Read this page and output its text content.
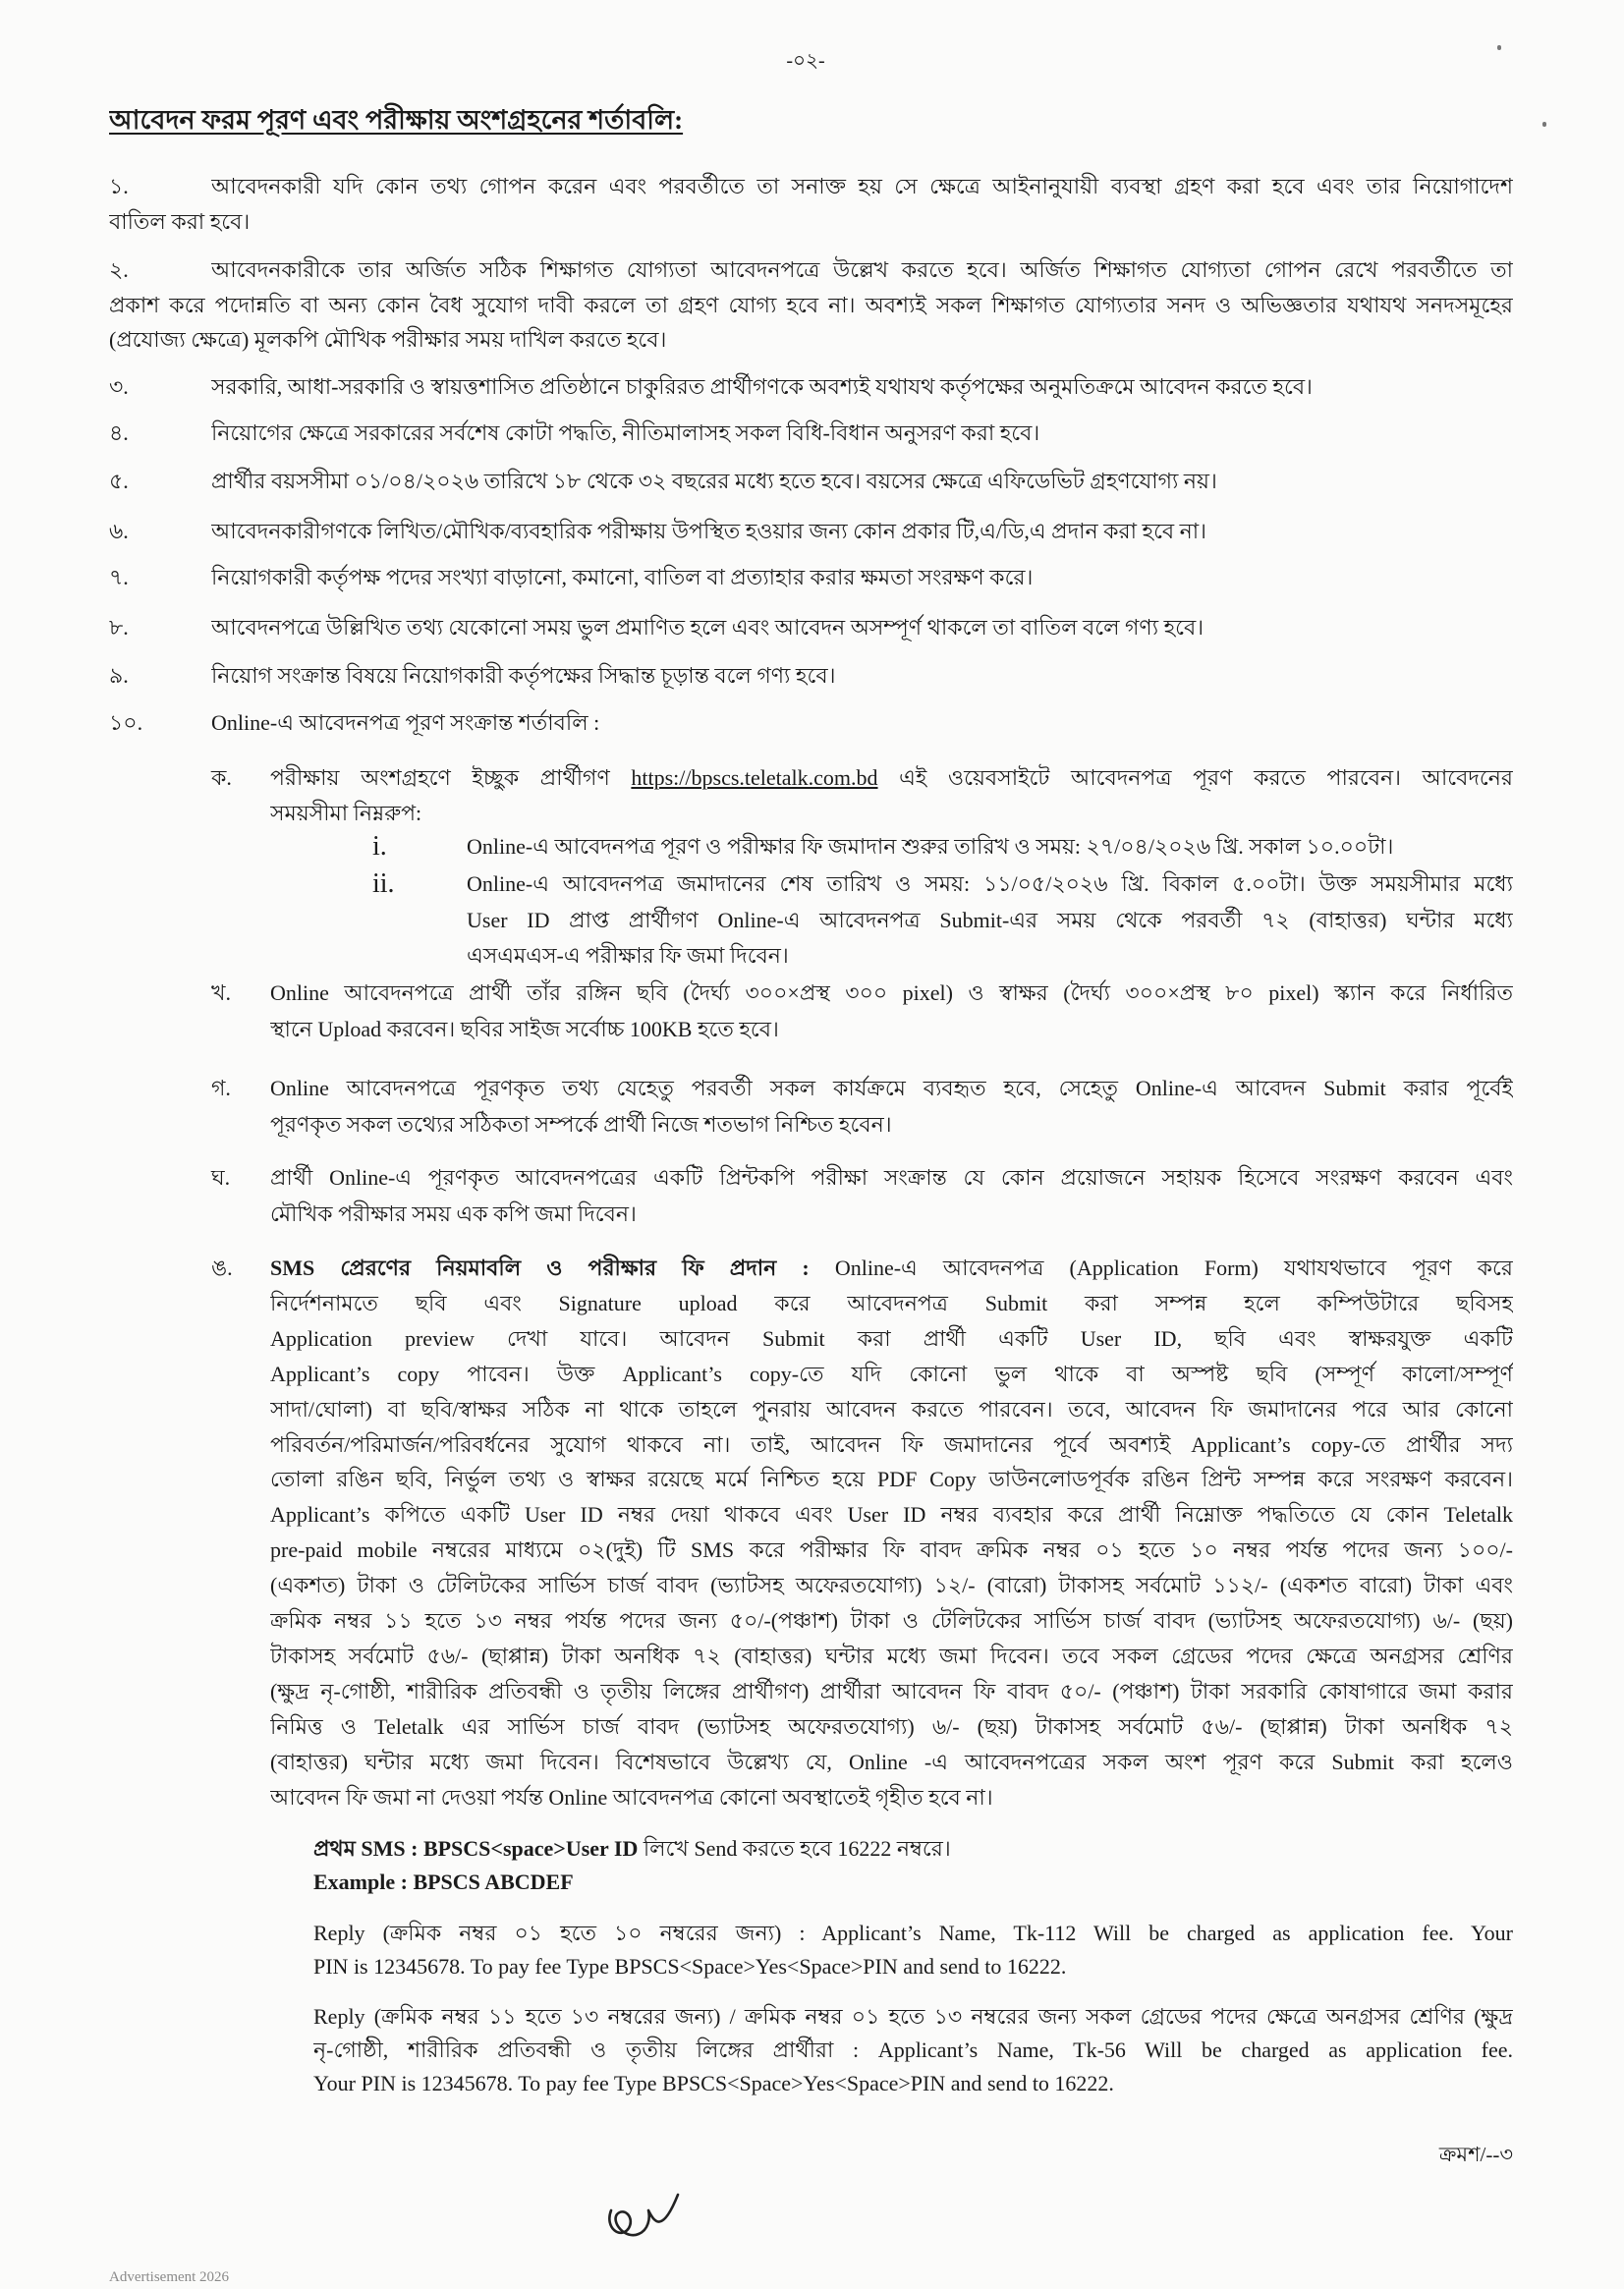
-০২-
আবেদন ফরম পূরণ এবং পরীক্ষায় অংশগ্রহনের শর্তাবলি:
১.	আবেদনকারী যদি কোন তথ্য গোপন করেন এবং পরবর্তীতে তা সনাক্ত হয় সে ক্ষেত্রে আইনানুযায়ী ব্যবস্থা গ্রহণ করা হবে এবং তার নিয়োগাদেশ
বাতিল করা হবে।
২.	আবেদনকারীকে তার অর্জিত সঠিক শিক্ষাগত যোগ্যতা আবেদনপত্রে উল্লেখ করতে হবে। অর্জিত শিক্ষাগত যোগ্যতা গোপন রেখে পরবর্তীতে তা
প্রকাশ করে পদোন্নতি বা অন্য কোন বৈধ সুযোগ দাবী করলে তা গ্রহণ যোগ্য হবে না। অবশ্যই সকল শিক্ষাগত যোগ্যতার সনদ ও অভিজ্ঞতার যথাযথ সনদসমূহের
(প্রযোজ্য ক্ষেত্রে) মূলকপি মৌখিক পরীক্ষার সময় দাখিল করতে হবে।
৩.	সরকারি, আধা-সরকারি ও স্বায়ত্তশাসিত প্রতিষ্ঠানে চাকুরিরত প্রার্থীগণকে অবশ্যই যথাযথ কর্তৃপক্ষের অনুমতিক্রমে আবেদন করতে হবে।
৪.	নিয়োগের ক্ষেত্রে সরকারের সর্বশেষ কোটা পদ্ধতি, নীতিমালাসহ সকল বিধি-বিধান অনুসরণ করা হবে।
৫.	প্রার্থীর বয়সসীমা ০১/০৪/২০২৬ তারিখে ১৮ থেকে ৩২ বছরের মধ্যে হতে হবে। বয়সের ক্ষেত্রে এফিডেভিট গ্রহণযোগ্য নয়।
৬.	আবেদনকারীগণকে লিখিত/মৌখিক/ব্যবহারিক পরীক্ষায় উপস্থিত হওয়ার জন্য কোন প্রকার টি,এ/ডি,এ প্রদান করা হবে না।
৭.	নিয়োগকারী কর্তৃপক্ষ পদের সংখ্যা বাড়ানো, কমানো, বাতিল বা প্রত্যাহার করার ক্ষমতা সংরক্ষণ করে।
৮.	আবেদনপত্রে উল্লিখিত তথ্য যেকোনো সময় ভুল প্রমাণিত হলে এবং আবেদন অসম্পূর্ণ থাকলে তা বাতিল বলে গণ্য হবে।
৯.	নিয়োগ সংক্রান্ত বিষয়ে নিয়োগকারী কর্তৃপক্ষের সিদ্ধান্ত চূড়ান্ত বলে গণ্য হবে।
১০.	Online-এ আবেদনপত্র পূরণ সংক্রান্ত শর্তাবলি :
ক. পরীক্ষায় অংশগ্রহণে ইচ্ছুক প্রার্থীগণ https://bpscs.teletalk.com.bd এই ওয়েবসাইটে আবেদনপত্র পূরণ করতে পারবেন। আবেদনের
সময়সীমা নিম্নরুপ:
i.	Online-এ আবেদনপত্র পূরণ ও পরীক্ষার ফি জমাদান শুরুর তারিখ ও সময়: ২৭/০৪/২০২৬ খ্রি. সকাল ১০.০০টা।
ii.	Online-এ আবেদনপত্র জমাদানের শেষ তারিখ ও সময়: ১১/০৫/২০২৬ খ্রি. বিকাল ৫.০০টা। উক্ত সময়সীমার মধ্যে
User ID প্রাপ্ত প্রার্থীগণ Online-এ আবেদনপত্র Submit-এর সময় থেকে পরবর্তী ৭২ (বাহাত্তর) ঘন্টার মধ্যে
এসএমএস-এ পরীক্ষার ফি জমা দিবেন।
খ. Online আবেদনপত্রে প্রার্থী তাঁর রঙ্গিন ছবি (দৈর্ঘ্য ৩০০×প্রস্থ ৩০০ pixel) ও স্বাক্ষর (দৈর্ঘ্য ৩০০×প্রস্থ ৮০ pixel) স্ক্যান করে নির্ধারিত
স্থানে Upload করবেন। ছবির সাইজ সর্বোচ্চ 100KB হতে হবে।
গ. Online আবেদনপত্রে পূরণকৃত তথ্য যেহেতু পরবর্তী সকল কার্যক্রমে ব্যবহৃত হবে, সেহেতু Online-এ আবেদন Submit করার পূর্বেই
পূরণকৃত সকল তথ্যের সঠিকতা সম্পর্কে প্রার্থী নিজে শতভাগ নিশ্চিত হবেন।
ঘ. প্রার্থী Online-এ পূরণকৃত আবেদনপত্রের একটি প্রিন্টকপি পরীক্ষা সংক্রান্ত যে কোন প্রয়োজনে সহায়ক হিসেবে সংরক্ষণ করবেন এবং
মৌখিক পরীক্ষার সময় এক কপি জমা দিবেন।
ঙ. SMS প্রেরণের নিয়মাবলি ও পরীক্ষার ফি প্রদান : Online-এ আবেদনপত্র (Application Form) যথাযথভাবে পূরণ করে
নির্দেশনামতে ছবি এবং Signature upload করে আবেদনপত্র Submit করা সম্পন্ন হলে কম্পিউটারে ছবিসহ
Application preview দেখা যাবে। আবেদন Submit করা প্রার্থী একটি User ID, ছবি এবং স্বাক্ষরযুক্ত একটি
Applicant’s copy পাবেন। উক্ত Applicant’s copy-তে যদি কোনো ভুল থাকে বা অস্পষ্ট ছবি (সম্পূর্ণ কালো/সম্পূর্ণ
সাদা/ঘোলা) বা ছবি/স্বাক্ষর সঠিক না থাকে তাহলে পুনরায় আবেদন করতে পারবেন। তবে, আবেদন ফি জমাদানের পরে আর কোনো
পরিবর্তন/পরিমার্জন/পরিবর্ধনের সুযোগ থাকবে না। তাই, আবেদন ফি জমাদানের পূর্বে অবশ্যই Applicant’s copy-তে প্রার্থীর সদ্য
তোলা রঙিন ছবি, নির্ভুল তথ্য ও স্বাক্ষর রয়েছে মর্মে নিশ্চিত হয়ে PDF Copy ডাউনলোডপূর্বক রঙিন প্রিন্ট সম্পন্ন করে সংরক্ষণ করবেন।
Applicant’s কপিতে একটি User ID নম্বর দেয়া থাকবে এবং User ID নম্বর ব্যবহার করে প্রার্থী নিম্নোক্ত পদ্ধতিতে যে কোন Teletalk
pre-paid mobile নম্বরের মাধ্যমে ০২(দুই) টি SMS করে পরীক্ষার ফি বাবদ ক্রমিক নম্বর ০১ হতে ১০ নম্বর পর্যন্ত পদের জন্য ১০০/-
(একশত) টাকা ও টেলিটকের সার্ভিস চার্জ বাবদ (ভ্যাটসহ অফেরতযোগ্য) ১২/- (বারো) টাকাসহ সর্বমোট ১১২/- (একশত বারো) টাকা এবং
ক্রমিক নম্বর ১১ হতে ১৩ নম্বর পর্যন্ত পদের জন্য ৫০/-(পঞ্চাশ) টাকা ও টেলিটকের সার্ভিস চার্জ বাবদ (ভ্যাটসহ অফেরতযোগ্য) ৬/- (ছয়)
টাকাসহ সর্বমোট ৫৬/- (ছাপ্পান্ন) টাকা অনধিক ৭২ (বাহাত্তর) ঘন্টার মধ্যে জমা দিবেন। তবে সকল গ্রেডের পদের ক্ষেত্রে অনগ্রসর শ্রেণির
(ক্ষুদ্র নৃ-গোষ্ঠী, শারীরিক প্রতিবন্ধী ও তৃতীয় লিঙ্গের প্রার্থীগণ) প্রার্থীরা আবেদন ফি বাবদ ৫০/- (পঞ্চাশ) টাকা সরকারি কোষাগারে জমা করার
নিমিত্ত ও Teletalk এর সার্ভিস চার্জ বাবদ (ভ্যাটসহ অফেরতযোগ্য) ৬/- (ছয়) টাকাসহ সর্বমোট ৫৬/- (ছাপ্পান্ন) টাকা অনধিক ৭২
(বাহাত্তর) ঘন্টার মধ্যে জমা দিবেন। বিশেষভাবে উল্লেখ্য যে, Online -এ আবেদনপত্রের সকল অংশ পূরণ করে Submit করা হলেও
আবেদন ফি জমা না দেওয়া পর্যন্ত Online আবেদনপত্র কোনো অবস্থাতেই গৃহীত হবে না।
প্রথম SMS : BPSCS<space>User ID লিখে Send করতে হবে 16222 নম্বরে।
Example : BPSCS ABCDEF
Reply (ক্রমিক নম্বর ০১ হতে ১০ নম্বরের জন্য) : Applicant’s Name, Tk-112 Will be charged as application fee. Your
PIN is 12345678. To pay fee Type BPSCS<Space>Yes<Space>PIN and send to 16222.
Reply (ক্রমিক নম্বর ১১ হতে ১৩ নম্বরের জন্য) / ক্রমিক নম্বর ০১ হতে ১৩ নম্বরের জন্য সকল গ্রেডের পদের ক্ষেত্রে অনগ্রসর শ্রেণির (ক্ষুদ্র
নৃ-গোষ্ঠী, শারীরিক প্রতিবন্ধী ও তৃতীয় লিঙ্গের প্রার্থীরা : Applicant’s Name, Tk-56 Will be charged as application fee.
Your PIN is 12345678. To pay fee Type BPSCS<Space>Yes<Space>PIN and send to 16222.
ক্রমশ/--৩
Advertisement 2026
